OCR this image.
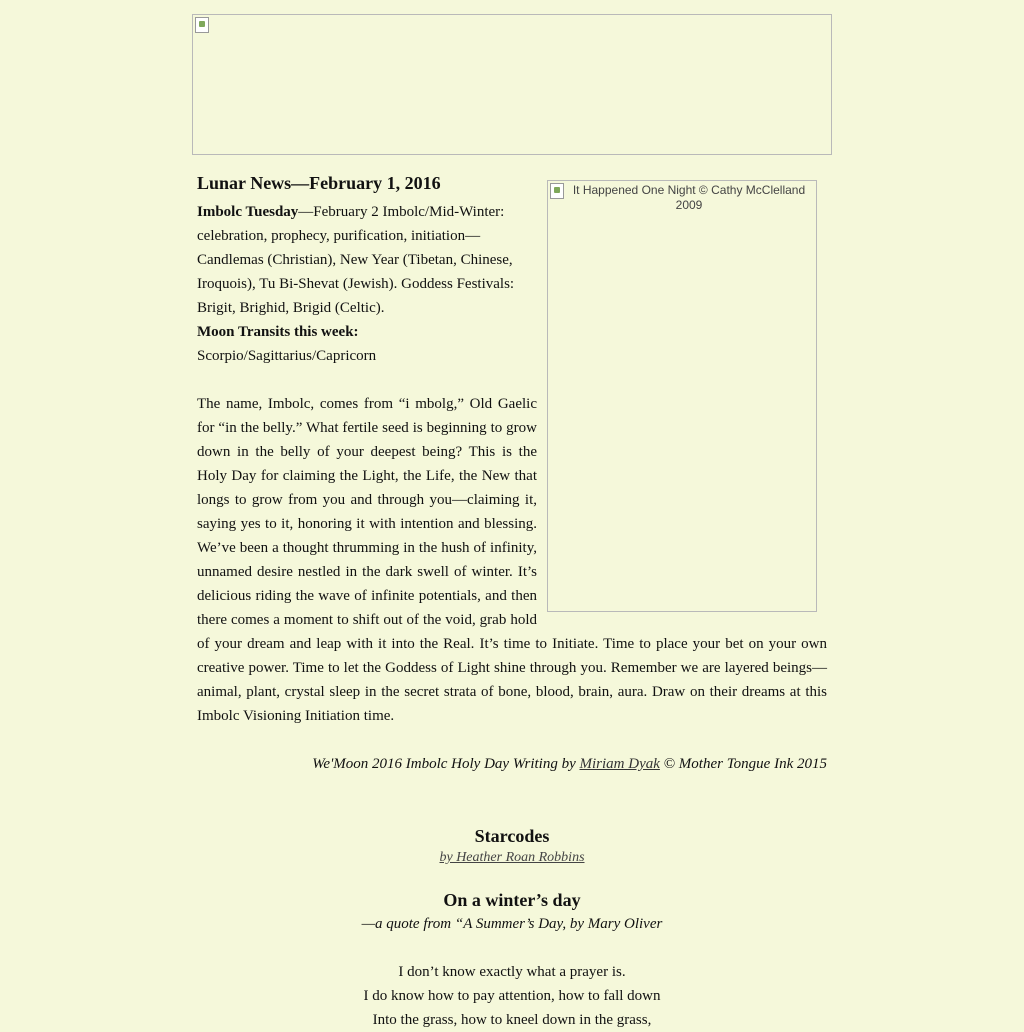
It Happened One Night © Cathy McClelland 2009
Lunar News—February 1, 2016

Imbolc Tuesday—February 2 Imbolc/Mid-Winter: celebration, prophecy, purification, initiation—Candlemas (Christian), New Year (Tibetan, Chinese, Iroquois), Tu Bi-Shevat (Jewish). Goddess Festivals: Brigit, Brighid, Brigid (Celtic).

Moon Transits this week:

Scorpio/Sagittarius/Capricorn

The name, Imbolc, comes from “i mbolg,” Old Gaelic for “in the belly.” What fertile seed is beginning to grow down in the belly of your deepest being? This is the Holy Day for claiming the Light, the Life, the New that longs to grow from you and through you—claiming it, saying yes to it, honoring it with intention and blessing. We’ve been a thought thrumming in the hush of infinity, unnamed desire nestled in the dark swell of winter. It’s delicious riding the wave of infinite potentials, and then there comes a moment to shift out of the void, grab hold of your dream and leap with it into the Real. It’s time to Initiate. Time to place your bet on your own creative power. Time to let the Goddess of Light shine through you. Remember we are layered beings—animal, plant, crystal sleep in the secret strata of bone, blood, brain, aura. Draw on their dreams at this Imbolc Visioning Initiation time.

We'Moon 2016 Imbolc Holy Day Writing by Miriam Dyak © Mother Tongue Ink 2015
Starcodes
by Heather Roan Robbins
On a winter’s day
—a quote from “A Summer’s Day, by Mary Oliver

I don’t know exactly what a prayer is.

I do know how to pay attention, how to fall down

Into the grass, how to kneel down in the grass,
